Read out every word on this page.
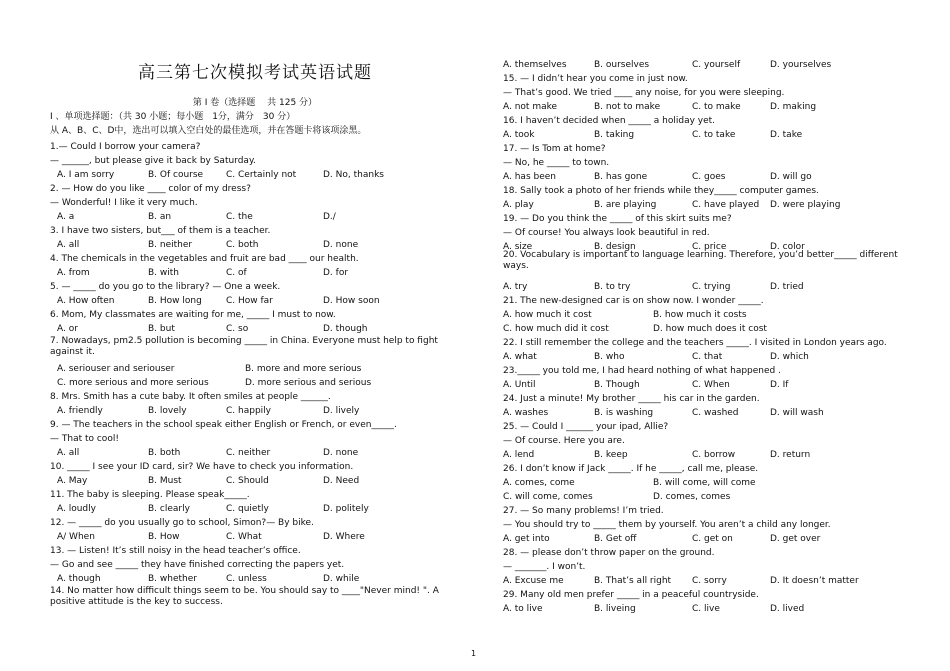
高三第七次模拟考试英语试题
第 I 卷（选择题　 共 125 分）
I 、单项选择题：（共 30 小题；每小题　1分，满分　30 分）
从 A、B、C、D中，选出可以填入空白处的最佳选项，并在答题卡将该项涂黑。
1.— Could I borrow your camera?
— ______, but please give it back by Saturday.
A. I am sorry	B. Of course	C. Certainly not	D. No, thanks
2. — How do you like ____ color of my dress?
— Wonderful! I like it very much.
A. a	B. an	C. the	D./
3. I have two sisters, but___ of them is a teacher.
A. all	B. neither	C. both	D. none
4. The chemicals in the vegetables and fruit are bad ____ our health.
A. from	B. with	C. of	D. for
5. — _____ do you go to the library? — One a week.
A. How often	B. How long	C. How far	D. How soon
6. Mom, My classmates are waiting for me, _____ I must to now.
A. or	B. but	C. so	D. though
7. Nowadays, pm2.5 pollution is becoming _____ in China. Everyone must help to fight against it.
A. seriouser and seriouser	B. more and more serious
C. more serious and more serious	D. more serious and serious
8. Mrs. Smith has a cute baby. It often smiles at people ______.
A. friendly	B. lovely	C. happily	D. lively
9. — The teachers in the school speak either English or French, or even_____.
— That to cool!
A. all	B. both	C. neither	D. none
10. _____ I see your ID card, sir? We have to check you information.
A. May	B. Must	C. Should	D. Need
11. The baby is sleeping. Please speak_____.
A. loudly	B. clearly	C. quietly	D. politely
12. — _____ do you usually go to school, Simon?— By bike.
A/ When	B. How	C. What	D. Where
13. — Listen! It’s still noisy in the head teacher’s office.
— Go and see _____ they have finished correcting the papers yet.
A. though	B. whether	C. unless	D. while
14. No matter how difficult things seem to be. You should say to ____"Never mind! ". A positive attitude is the key to success.
A. themselves	B. ourselves	C. yourself	D. yourselves
15. — I didn’t hear you come in just now.
— That’s good. We tried ____ any noise, for you were sleeping.
A. not make	B. not to make	C. to make	D. making
16. I haven’t decided when _____ a holiday yet.
A. took	B. taking	C. to take	D. take
17. — Is Tom at home?
— No, he _____ to town.
A. has been	B. has gone	C. goes	D. will go
18. Sally took a photo of her friends while they_____ computer games.
A. play	B. are playing	C. have played D. were playing
19. — Do you think the _____ of this skirt suits me?
— Of course! You always look beautiful in red.
A. size	B. design	C. price	D. color
20. Vocabulary is important to language learning. Therefore, you’d better_____ different ways.
A. try	B. to try	C. trying	D. tried
21. The new-designed car is on show now. I wonder _____.
A. how much it cost	B. how much it costs
C. how much did it cost	D. how much does it cost
22. I still remember the college and the teachers _____. I visited in London years ago.
A. what	B. who	C. that	D. which
23._____ you told me, I had heard nothing of what happened .
A. Until	B. Though	C. When	D. If
24. Just a minute! My brother _____ his car in the garden.
A. washes	B. is washing	C. washed	D. will wash
25. — Could I ______ your ipad, Allie?
— Of course. Here you are.
A. lend	B. keep	C. borrow	D. return
26. I don’t know if Jack _____. If he _____, call me, please.
A. comes, come	B. will come, will come
C. will come, comes	D. comes, comes
27. — So many problems! I’m tried.
— You should try to _____ them by yourself. You aren’t a child any longer.
A. get into	B. Get off	C. get on	D. get over
28. — please don’t throw paper on the ground.
— _______. I won’t.
A. Excuse me	B. That’s all right C. sorry	D. It doesn’t matter
29. Many old men prefer _____ in a peaceful countryside.
A. to live	B. liveing	C. live	D. lived
1
